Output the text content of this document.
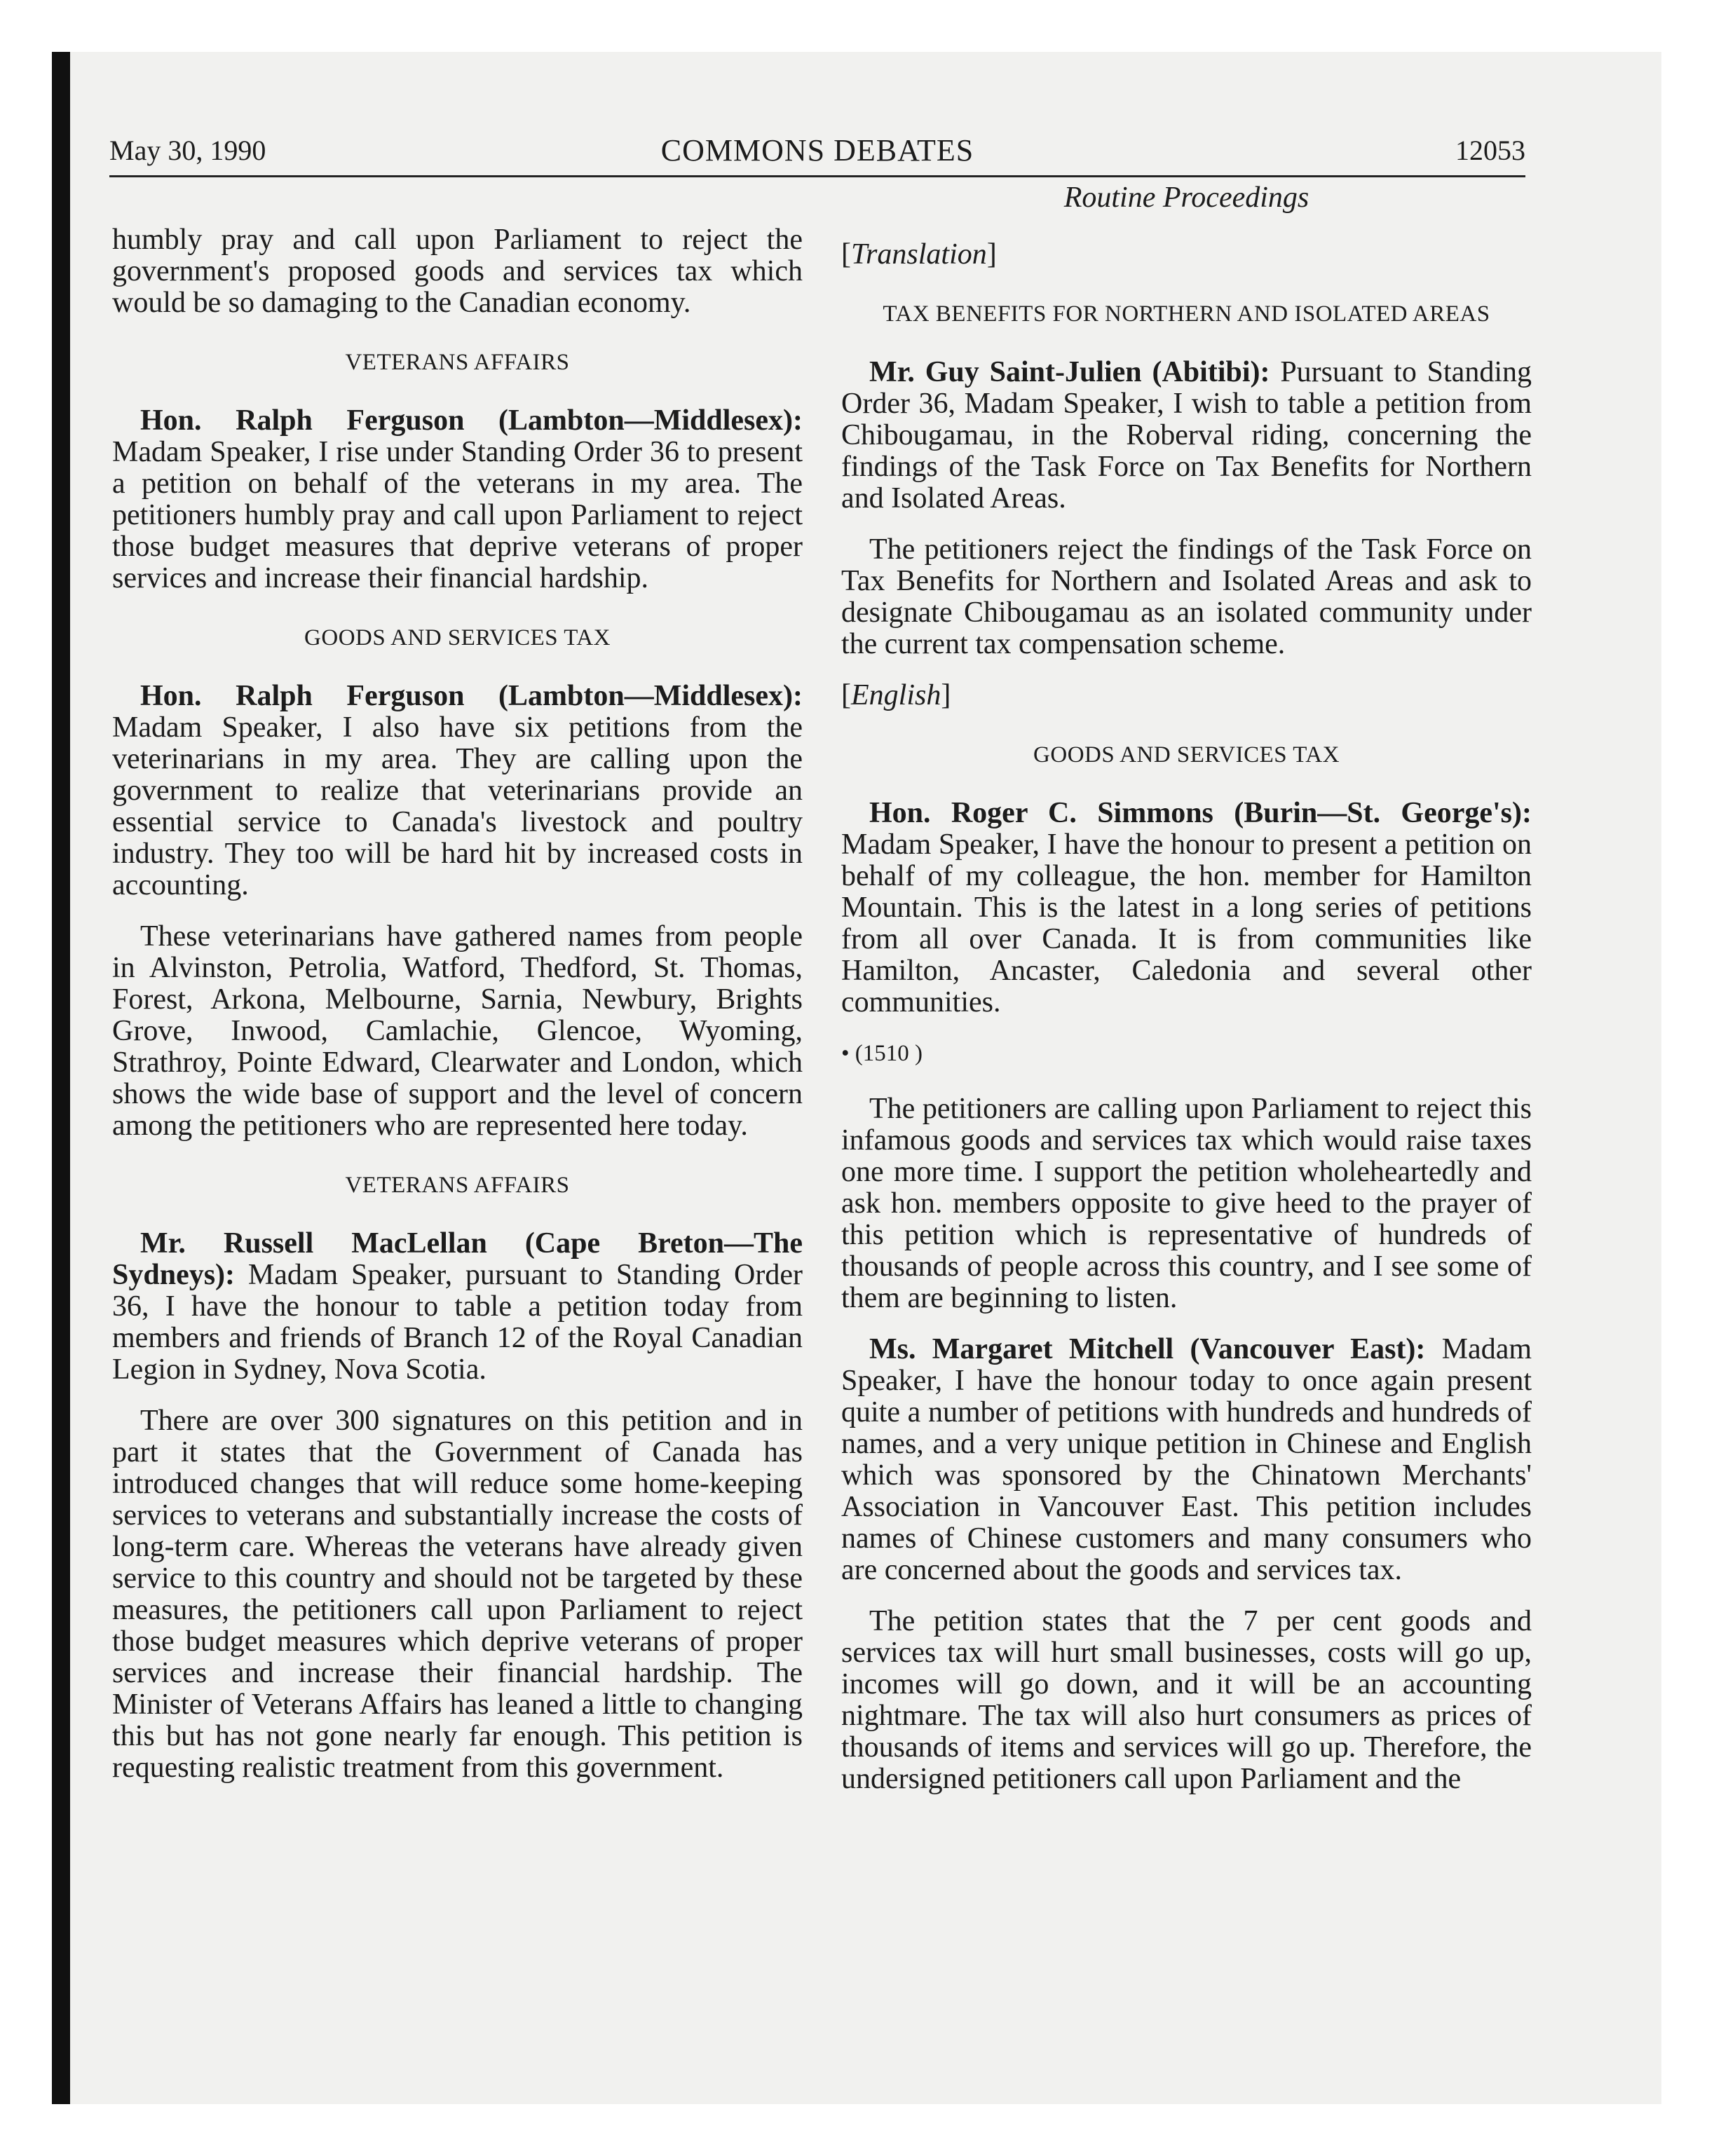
May 30, 1990	COMMONS DEBATES	12053

humbly pray and call upon Parliament to reject the government's proposed goods and services tax which would be so damaging to the Canadian economy.

VETERANS AFFAIRS

Hon. Ralph Ferguson (Lambton—Middlesex): Madam Speaker, I rise under Standing Order 36 to present a petition on behalf of the veterans in my area. The petitioners humbly pray and call upon Parliament to reject those budget measures that deprive veterans of proper services and increase their financial hardship.

GOODS AND SERVICES TAX

Hon. Ralph Ferguson (Lambton—Middlesex): Madam Speaker, I also have six petitions from the veterinarians in my area. They are calling upon the government to realize that veterinarians provide an essential service to Canada's livestock and poultry industry. They too will be hard hit by increased costs in accounting.

These veterinarians have gathered names from people in Alvinston, Petrolia, Watford, Thedford, St. Thomas, Forest, Arkona, Melbourne, Sarnia, Newbury, Brights Grove, Inwood, Camlachie, Glencoe, Wyoming, Strathroy, Pointe Edward, Clearwater and London, which shows the wide base of support and the level of concern among the petitioners who are represented here today.

VETERANS AFFAIRS

Mr. Russell MacLellan (Cape Breton—The Sydneys): Madam Speaker, pursuant to Standing Order 36, I have the honour to table a petition today from members and friends of Branch 12 of the Royal Canadian Legion in Sydney, Nova Scotia.

There are over 300 signatures on this petition and in part it states that the Government of Canada has introduced changes that will reduce some home-keeping services to veterans and substantially increase the costs of long-term care. Whereas the veterans have already given service to this country and should not be targeted by these measures, the petitioners call upon Parliament to reject those budget measures which deprive veterans of proper services and increase their financial hardship. The Minister of Veterans Affairs has leaned a little to changing this but has not gone nearly far enough. This petition is requesting realistic treatment from this government.

Routine Proceedings
[Translation]
TAX BENEFITS FOR NORTHERN AND ISOLATED AREAS

Mr. Guy Saint-Julien (Abitibi): Pursuant to Standing Order 36, Madam Speaker, I wish to table a petition from Chibougamau, in the Roberval riding, concerning the findings of the Task Force on Tax Benefits for Northern and Isolated Areas.

The petitioners reject the findings of the Task Force on Tax Benefits for Northern and Isolated Areas and ask to designate Chibougamau as an isolated community under the current tax compensation scheme.

[English]
GOODS AND SERVICES TAX

Hon. Roger C. Simmons (Burin—St. George's): Madam Speaker, I have the honour to present a petition on behalf of my colleague, the hon. member for Hamilton Mountain. This is the latest in a long series of petitions from all over Canada. It is from communities like Hamilton, Ancaster, Caledonia and several other communities.

• (1510 )

The petitioners are calling upon Parliament to reject this infamous goods and services tax which would raise taxes one more time. I support the petition wholeheartedly and ask hon. members opposite to give heed to the prayer of this petition which is representative of hundreds of thousands of people across this country, and I see some of them are beginning to listen.

Ms. Margaret Mitchell (Vancouver East): Madam Speaker, I have the honour today to once again present quite a number of petitions with hundreds and hundreds of names, and a very unique petition in Chinese and English which was sponsored by the Chinatown Merchants' Association in Vancouver East. This petition includes names of Chinese customers and many consumers who are concerned about the goods and services tax.

The petition states that the 7 per cent goods and services tax will hurt small businesses, costs will go up, incomes will go down, and it will be an accounting nightmare. The tax will also hurt consumers as prices of thousands of items and services will go up. Therefore, the undersigned petitioners call upon Parliament and the
